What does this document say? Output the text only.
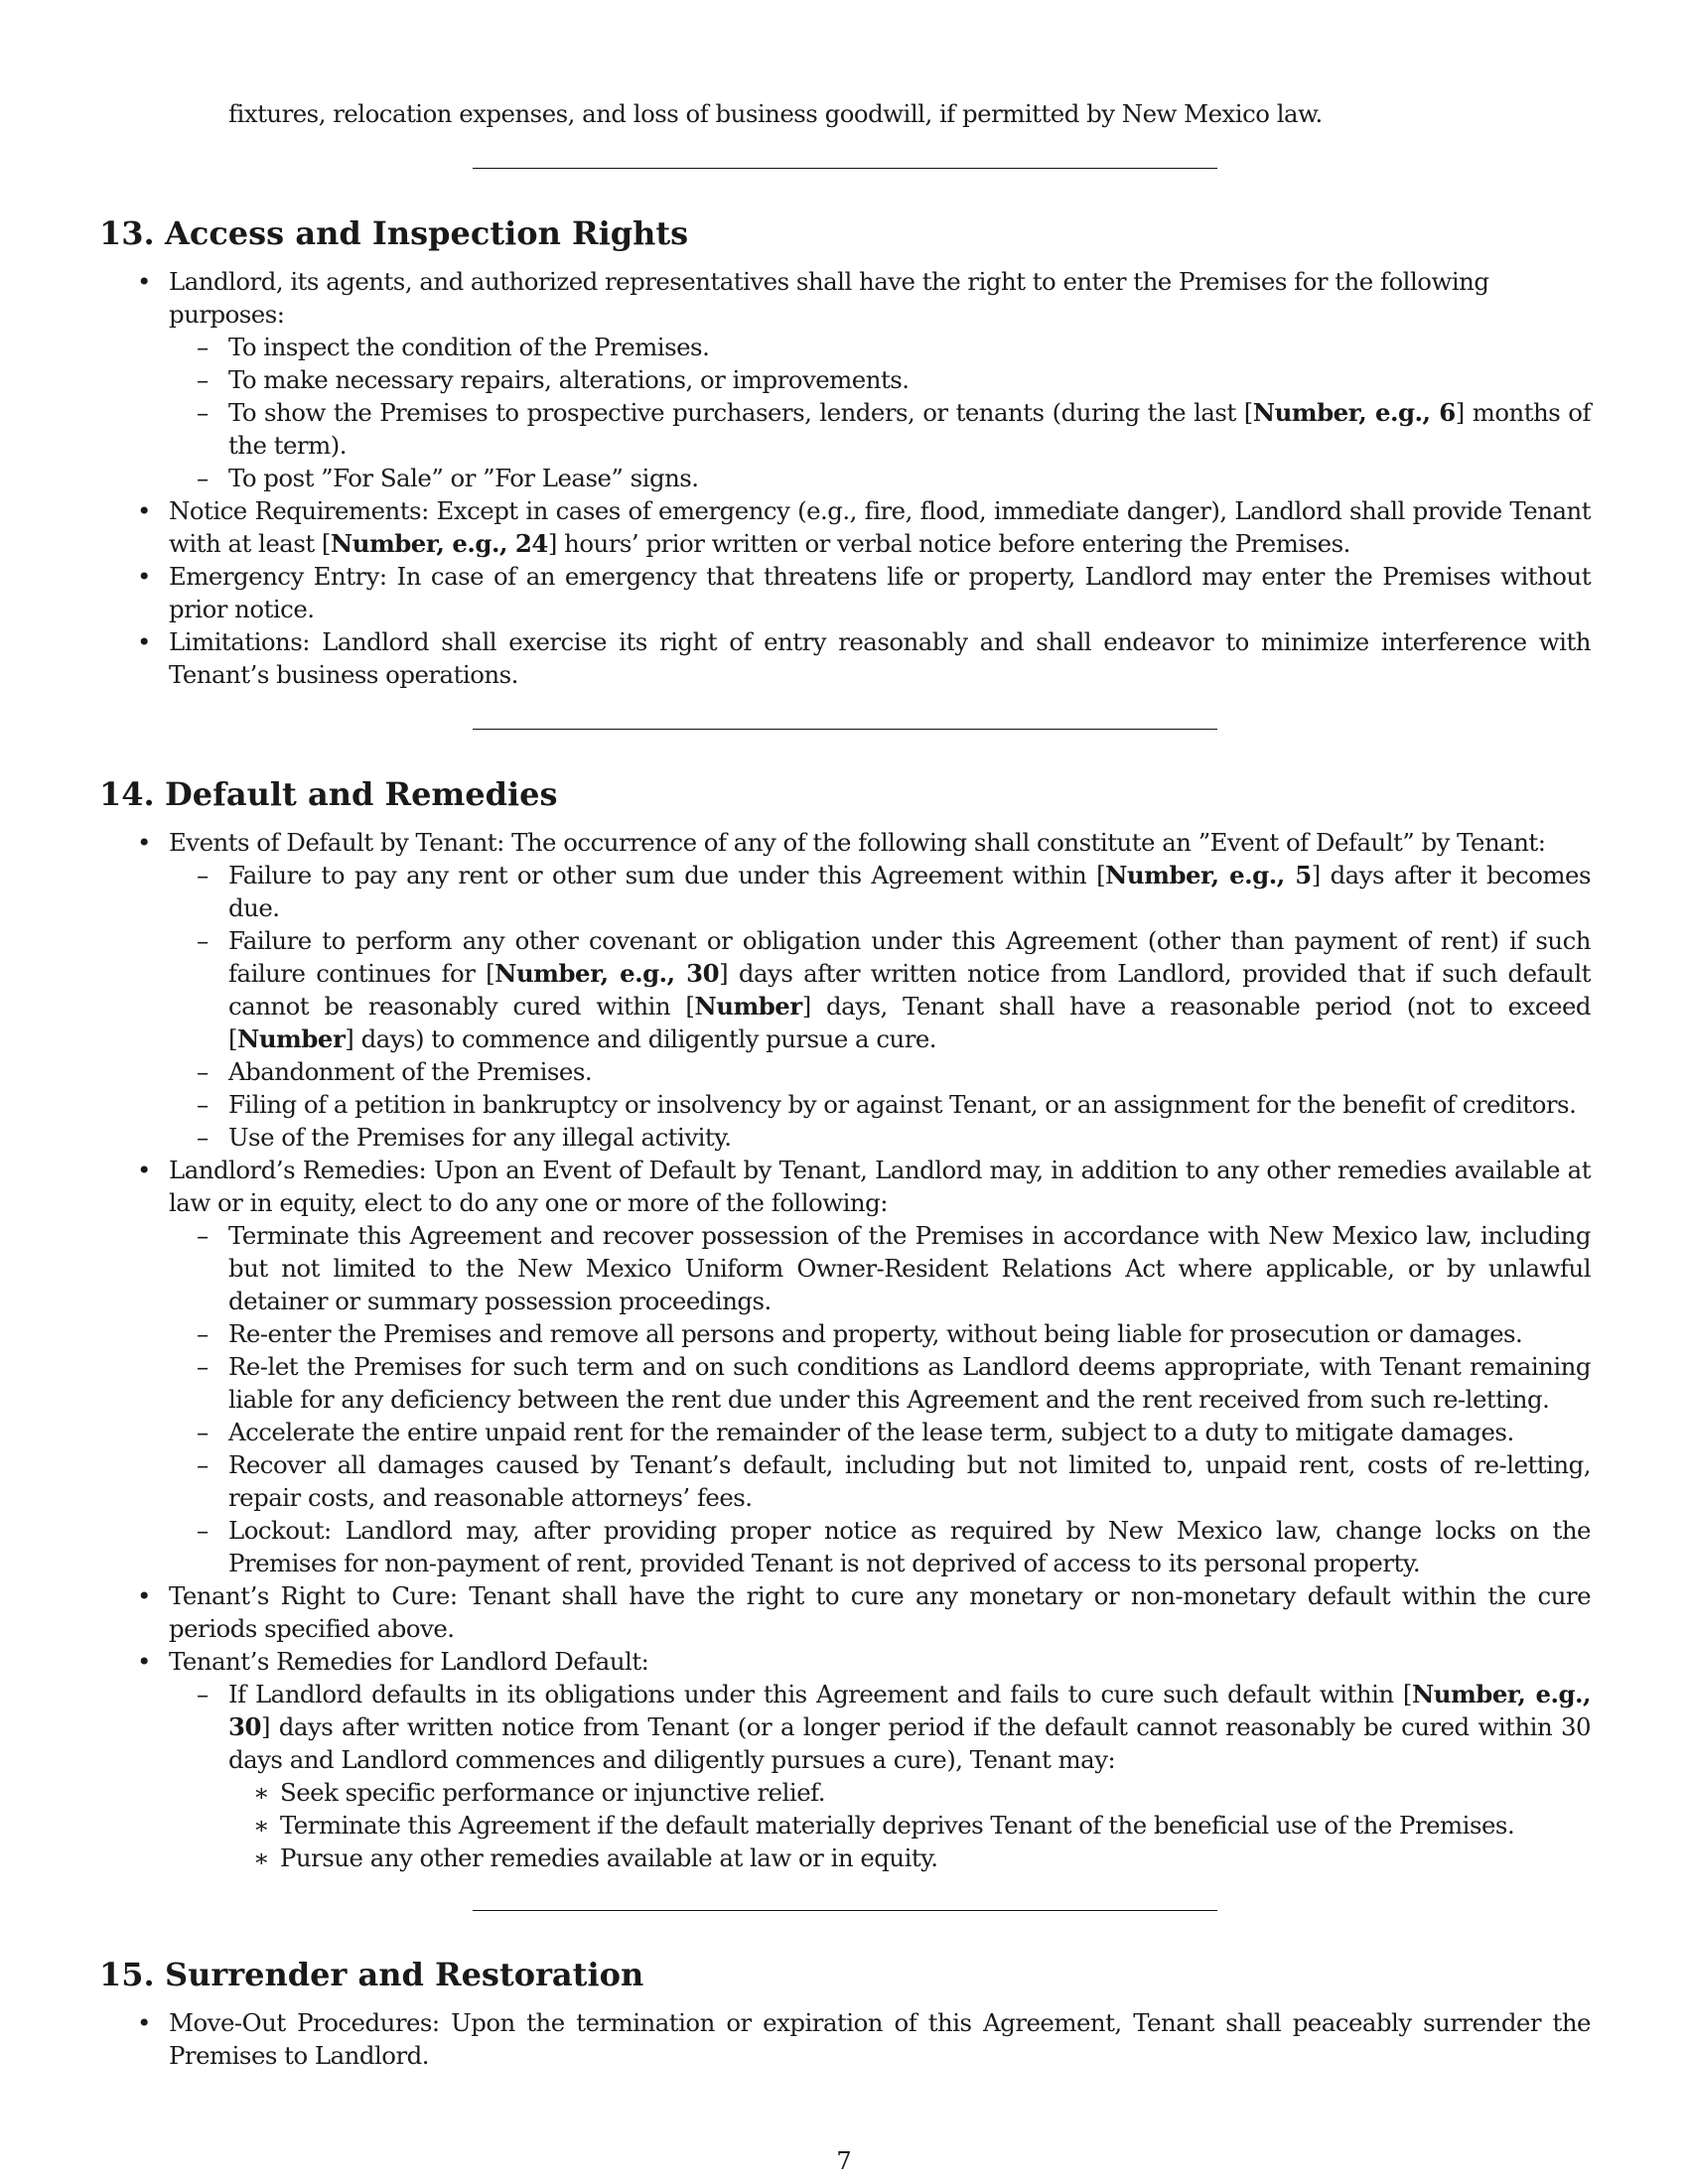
fixtures, relocation expenses, and loss of business goodwill, if permitted by New Mexico law.

13. Access and Inspection Rights
• Landlord, its agents, and authorized representatives shall have the right to enter the Premises for the following purposes:
– To inspect the condition of the Premises.
– To make necessary repairs, alterations, or improvements.
– To show the Premises to prospective purchasers, lenders, or tenants (during the last [Number, e.g., 6] months of the term).
– To post ”For Sale” or ”For Lease” signs.
• Notice Requirements: Except in cases of emergency (e.g., fire, flood, immediate danger), Landlord shall provide Tenant with at least [Number, e.g., 24] hours’ prior written or verbal notice before entering the Premises.
• Emergency Entry: In case of an emergency that threatens life or property, Landlord may enter the Premises without prior notice.
• Limitations: Landlord shall exercise its right of entry reasonably and shall endeavor to minimize interference with Tenant’s business operations.
14. Default and Remedies
• Events of Default by Tenant: The occurrence of any of the following shall constitute an ”Event of Default” by Tenant:
– Failure to pay any rent or other sum due under this Agreement within [Number, e.g., 5] days after it becomes due.
– Failure to perform any other covenant or obligation under this Agreement (other than payment of rent) if such failure continues for [Number, e.g., 30] days after written notice from Landlord, provided that if such default cannot be reasonably cured within [Number] days, Tenant shall have a reasonable period (not to exceed [Number] days) to commence and diligently pursue a cure.
– Abandonment of the Premises.
– Filing of a petition in bankruptcy or insolvency by or against Tenant, or an assignment for the benefit of creditors.
– Use of the Premises for any illegal activity.
• Landlord’s Remedies: Upon an Event of Default by Tenant, Landlord may, in addition to any other remedies available at law or in equity, elect to do any one or more of the following:
– Terminate this Agreement and recover possession of the Premises in accordance with New Mexico law, including but not limited to the New Mexico Uniform Owner-Resident Relations Act where applicable, or by unlawful detainer or summary possession proceedings.
– Re-enter the Premises and remove all persons and property, without being liable for prosecution or damages.
– Re-let the Premises for such term and on such conditions as Landlord deems appropriate, with Tenant remaining liable for any deficiency between the rent due under this Agreement and the rent received from such re-letting.
– Accelerate the entire unpaid rent for the remainder of the lease term, subject to a duty to mitigate damages.
– Recover all damages caused by Tenant’s default, including but not limited to, unpaid rent, costs of re-letting, repair costs, and reasonable attorneys’ fees.
– Lockout: Landlord may, after providing proper notice as required by New Mexico law, change locks on the Premises for non-payment of rent, provided Tenant is not deprived of access to its personal property.
• Tenant’s Right to Cure: Tenant shall have the right to cure any monetary or non-monetary default within the cure periods specified above.
• Tenant’s Remedies for Landlord Default:
– If Landlord defaults in its obligations under this Agreement and fails to cure such default within [Number, e.g., 30] days after written notice from Tenant (or a longer period if the default cannot reasonably be cured within 30 days and Landlord commences and diligently pursues a cure), Tenant may:
∗ Seek specific performance or injunctive relief.
∗ Terminate this Agreement if the default materially deprives Tenant of the beneficial use of the Premises.
∗ Pursue any other remedies available at law or in equity.
15. Surrender and Restoration
• Move-Out Procedures: Upon the termination or expiration of this Agreement, Tenant shall peaceably surrender the Premises to Landlord.
7
